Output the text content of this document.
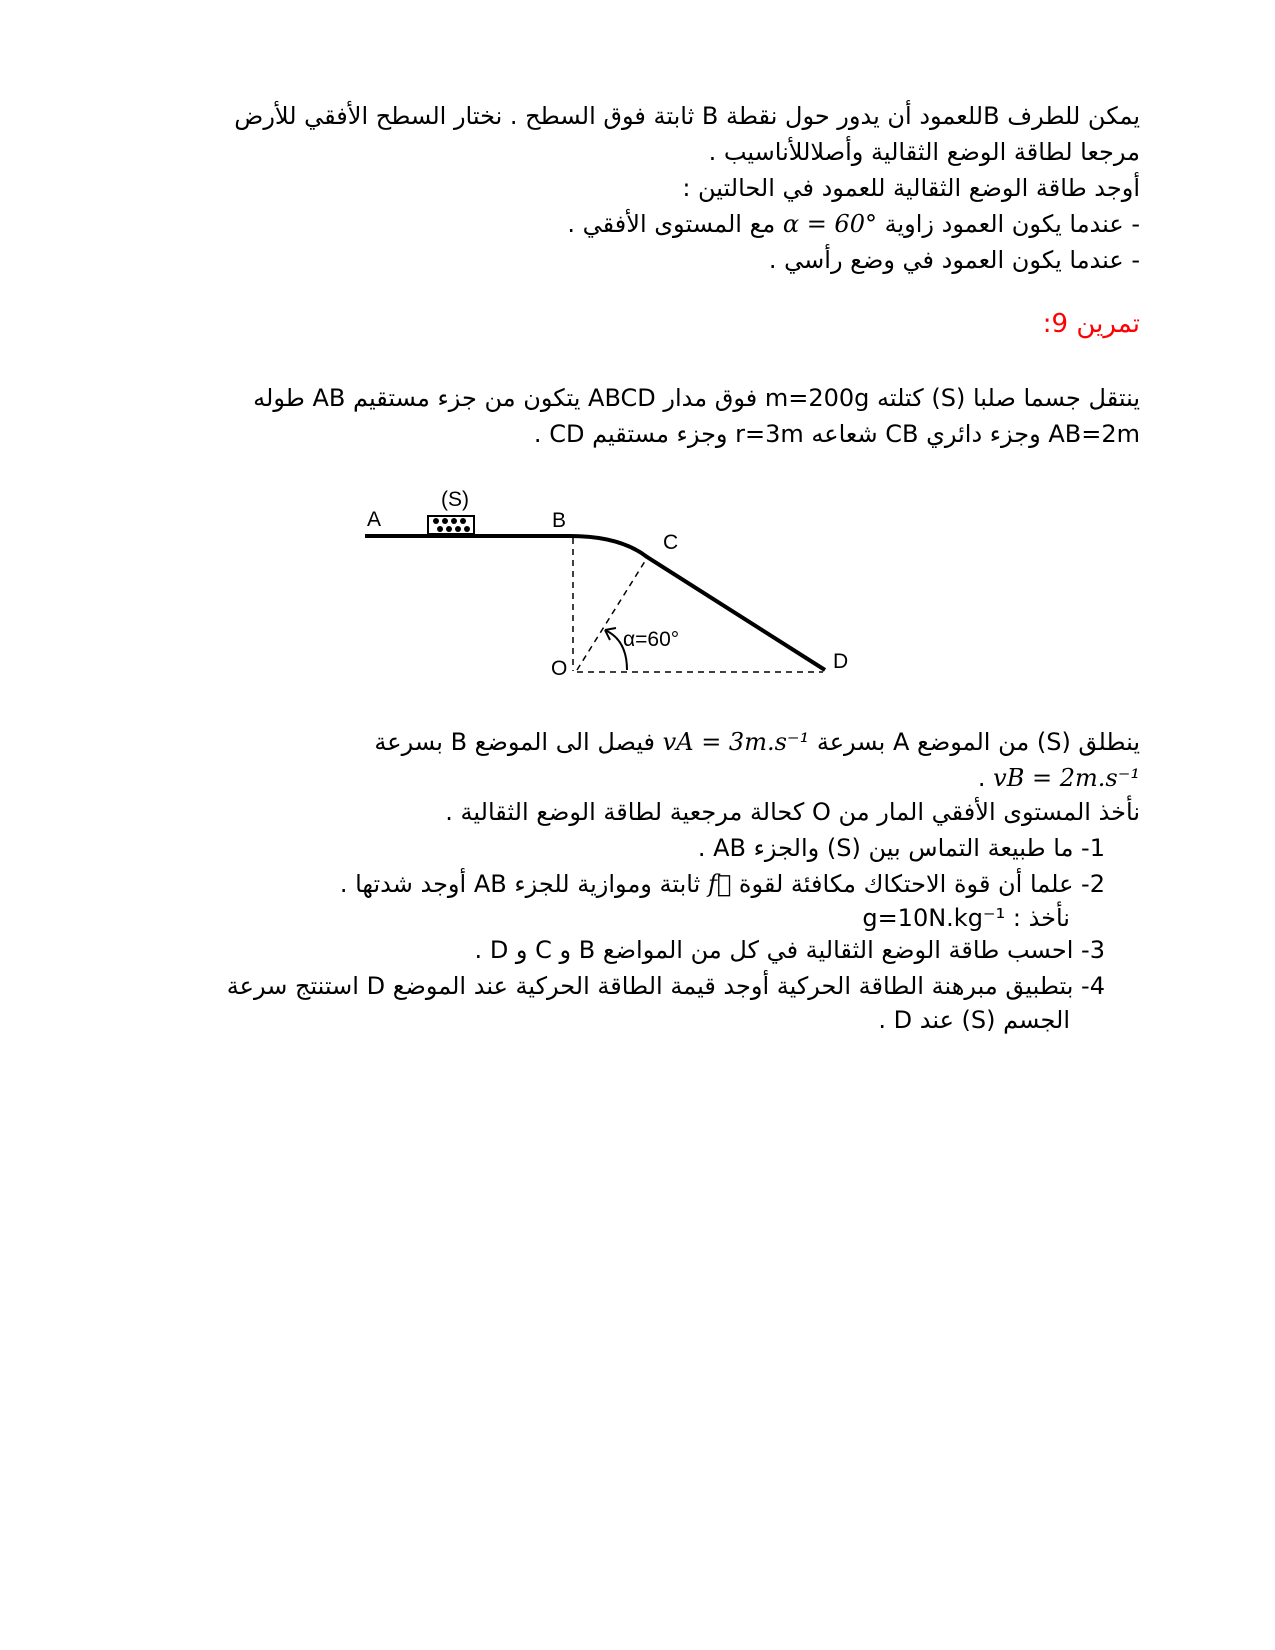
يمكن للطرف Bللعمود أن يدور حول نقطة B ثابتة فوق السطح . نختار السطح الأفقي للأرض
مرجعا لطاقة الوضع الثقالية وأصلاللأناسيب .
أوجد طاقة الوضع الثقالية للعمود في الحالتين :
- عندما يكون العمود زاوية α = 60° مع المستوى الأفقي .
- عندما يكون العمود في وضع رأسي .
تمرين 9:
ينتقل جسما صلبا (S) كتلته m=200g فوق مدار ABCD يتكون من جزء مستقيم AB طوله
AB=2m وجزء دائري CB شعاعه r=3m وجزء مستقيم CD .
A
(S)
B
C
O	D
α=60°
ينطلق (S) من الموضع A بسرعة vA = 3m.s⁻¹ فيصل الى الموضع B بسرعة
vB = 2m.s⁻¹ .
نأخذ المستوى الأفقي المار من O كحالة مرجعية لطاقة الوضع الثقالية .
1- ما طبيعة التماس بين (S) والجزء AB .
2- علما أن قوة الاحتكاك مكافئة لقوة f⃗ ثابتة وموازية للجزء AB أوجد شدتها .
نأخذ : g=10N.kg⁻¹
3- احسب طاقة الوضع الثقالية في كل من المواضع B و C و D .
4- بتطبيق مبرهنة الطاقة الحركية أوجد قيمة الطاقة الحركية عند الموضع D استنتج سرعة
الجسم (S) عند D .
